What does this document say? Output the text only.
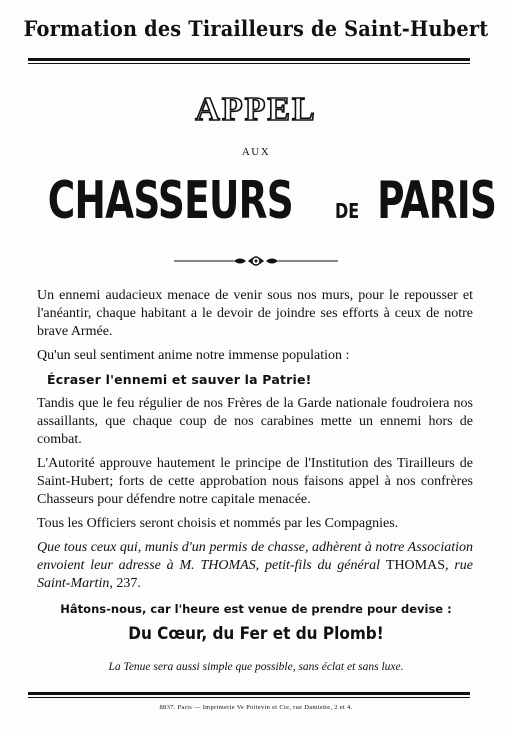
Formation des Tirailleurs de Saint-Hubert
APPEL
AUX
CHASSEURS DE PARIS

Un ennemi audacieux menace de venir sous nos murs, pour le repousser et l'anéantir, chaque habitant a le devoir de joindre ses efforts à ceux de notre brave Armée.

Qu'un seul sentiment anime notre immense population :

Écraser l'ennemi et sauver la Patrie!

Tandis que le feu régulier de nos Frères de la Garde nationale foudroiera nos assaillants, que chaque coup de nos carabines mette un ennemi hors de combat.

L'Autorité approuve hautement le principe de l'Institution des Tirailleurs de Saint-Hubert; forts de cette approbation nous faisons appel à nos confrères Chasseurs pour défendre notre capitale menacée.

Tous les Officiers seront choisis et nommés par les Compagnies.

Que tous ceux qui, munis d'un permis de chasse, adhèrent à notre Association envoient leur adresse à M. THOMAS, petit-fils du général THOMAS, rue Saint-Martin, 237.

Hâtons-nous, car l'heure est venue de prendre pour devise :
Du Cœur, du Fer et du Plomb!
La Tenue sera aussi simple que possible, sans éclat et sans luxe.
8837. Paris — Imprimerie Ve Poitevin et Cie, rue Damiette, 2 et 4.
